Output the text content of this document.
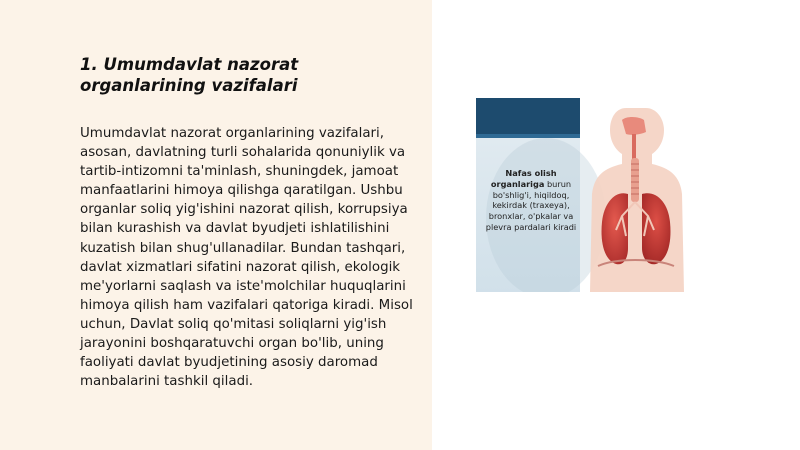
1. Umumdavlat nazorat organlarining vazifalari

Umumdavlat nazorat organlarining vazifalari, asosan, davlatning turli sohalarida qonuniylik va tartib-intizomni ta'minlash, shuningdek, jamoat manfaatlarini himoya qilishga qaratilgan. Ushbu organlar soliq yig'ishini nazorat qilish, korrupsiya bilan kurashish va davlat byudjeti ishlatilishini kuzatish bilan shug'ullanadilar. Bundan tashqari, davlat xizmatlari sifatini nazorat qilish, ekologik me'yorlarni saqlash va iste'molchilar huquqlarini himoya qilish ham vazifalari qatoriga kiradi. Misol uchun, Davlat soliq qo'mitasi soliqlarni yig'ish jarayonini boshqaratuvchi organ bo'lib, uning faoliyati davlat byudjetining asosiy daromad manbalarini tashkil qiladi.

Nafas olish organlariga burun bo'shlig'i, hiqildoq, kekirdak (traxeya), bronxlar, o'pkalar va plevra pardalari kiradi
